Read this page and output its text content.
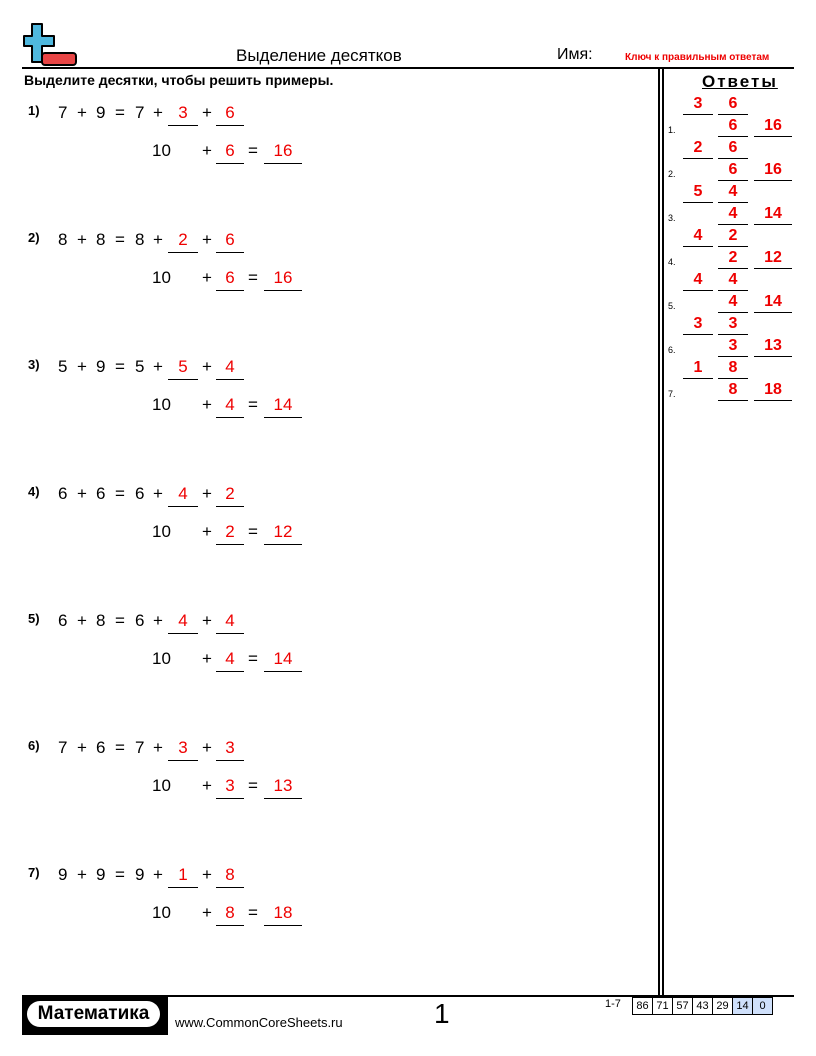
Выделение десятков	Имя:	Ключ к правильным ответам
Выделите десятки, чтобы решить примеры.	Ответы
1) 7 + 9 = 7 + 3 + 6
10 + 6 = 16
2) 8 + 8 = 8 + 2 + 6
10 + 6 = 16
3) 5 + 9 = 5 + 5 + 4
10 + 4 = 14
4) 6 + 6 = 6 + 4 + 2
10 + 2 = 12
5) 6 + 8 = 6 + 4 + 4
10 + 4 = 14
6) 7 + 6 = 7 + 3 + 3
10 + 3 = 13
7) 9 + 9 = 9 + 1 + 8
10 + 8 = 18
1.
3	6
6	16
2.
2	6
6	16
3.
5	4
4	14
4.
4	2
2	12
5.
4	4
4	14
6.
3	3
3	13
7.
1	8
8	18
Математика	www.CommonCoreSheets.ru	1	1-7	86 71 57 43 29 14 0
